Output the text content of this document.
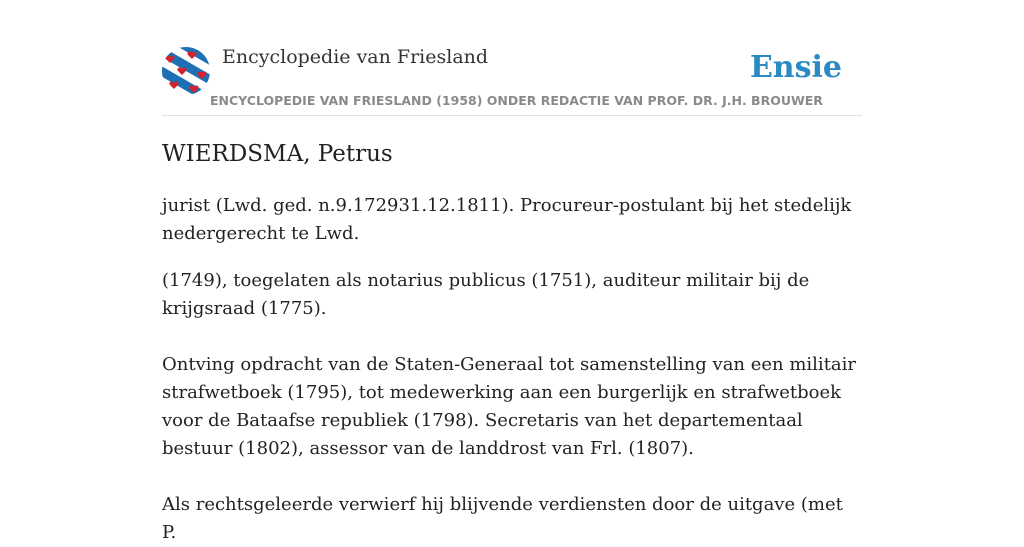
Encyclopedie van Friesland	Ensie
ENCYCLOPEDIE VAN FRIESLAND (1958) ONDER REDACTIE VAN PROF. DR. J.H. BROUWER
WIERDSMA, Petrus

jurist (Lwd. ged. n.9.172931.12.1811). Procureur-postulant bij het stedelijk nedergerecht te Lwd.

(1749), toegelaten als notarius publicus (1751), auditeur militair bij de krijgsraad (1775).

Ontving opdracht van de Staten-Generaal tot samenstelling van een militair strafwetboek (1795), tot medewerking aan een burgerlijk en strafwetboek voor de Bataafse republiek (1798). Secretaris van het departementaal bestuur (1802), assessor van de landdrost van Frl. (1807).

Als rechtsgeleerde verwierf hij blijvende verdiensten door de uitgave (met P.
